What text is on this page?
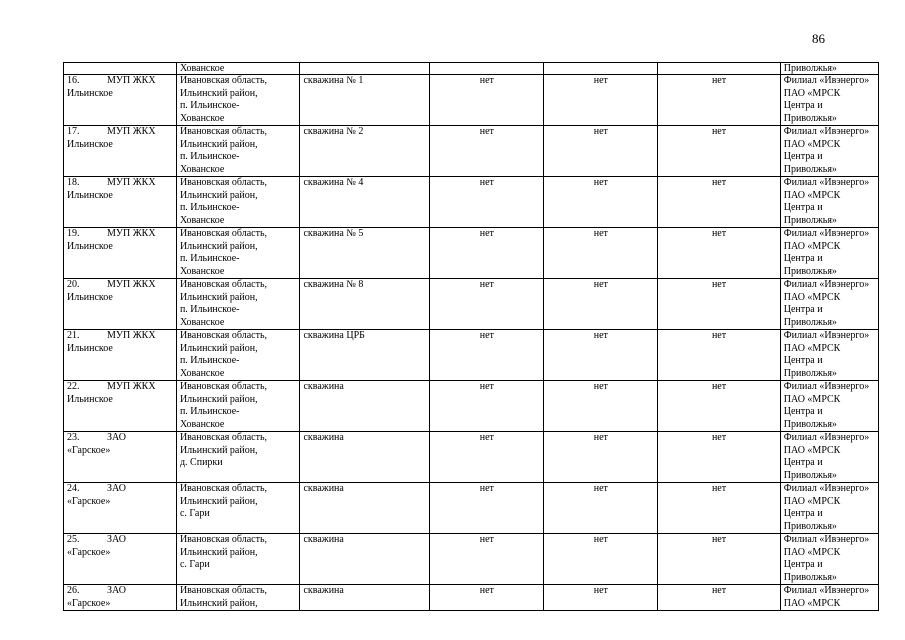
86
	Хованское					Приволжья»
16. МУП ЖКХ
Ильинское	Ивановская область,
Ильинский район,
п. Ильинское-
Хованское	скважина № 1	нет	нет	нет	Филиал «Ивэнерго»
ПАО «МРСК
Центра и
Приволжья»
17. МУП ЖКХ
Ильинское	Ивановская область,
Ильинский район,
п. Ильинское-
Хованское	скважина № 2	нет	нет	нет	Филиал «Ивэнерго»
ПАО «МРСК
Центра и
Приволжья»
18. МУП ЖКХ
Ильинское	Ивановская область,
Ильинский район,
п. Ильинское-
Хованское	скважина № 4	нет	нет	нет	Филиал «Ивэнерго»
ПАО «МРСК
Центра и
Приволжья»
19. МУП ЖКХ
Ильинское	Ивановская область,
Ильинский район,
п. Ильинское-
Хованское	скважина № 5	нет	нет	нет	Филиал «Ивэнерго»
ПАО «МРСК
Центра и
Приволжья»
20. МУП ЖКХ
Ильинское	Ивановская область,
Ильинский район,
п. Ильинское-
Хованское	скважина № 8	нет	нет	нет	Филиал «Ивэнерго»
ПАО «МРСК
Центра и
Приволжья»
21. МУП ЖКХ
Ильинское	Ивановская область,
Ильинский район,
п. Ильинское-
Хованское	скважина ЦРБ	нет	нет	нет	Филиал «Ивэнерго»
ПАО «МРСК
Центра и
Приволжья»
22. МУП ЖКХ
Ильинское	Ивановская область,
Ильинский район,
п. Ильинское-
Хованское	скважина	нет	нет	нет	Филиал «Ивэнерго»
ПАО «МРСК
Центра и
Приволжья»
23. ЗАО
«Гарское»	Ивановская область,
Ильинский район,
д. Спирки	скважина	нет	нет	нет	Филиал «Ивэнерго»
ПАО «МРСК
Центра и
Приволжья»
24. ЗАО
«Гарское»	Ивановская область,
Ильинский район,
с. Гари	скважина	нет	нет	нет	Филиал «Ивэнерго»
ПАО «МРСК
Центра и
Приволжья»
25. ЗАО
«Гарское»	Ивановская область,
Ильинский район,
с. Гари	скважина	нет	нет	нет	Филиал «Ивэнерго»
ПАО «МРСК
Центра и
Приволжья»
26. ЗАО
«Гарское»	Ивановская область,
Ильинский район,	скважина	нет	нет	нет	Филиал «Ивэнерго»
ПАО «МРСК
